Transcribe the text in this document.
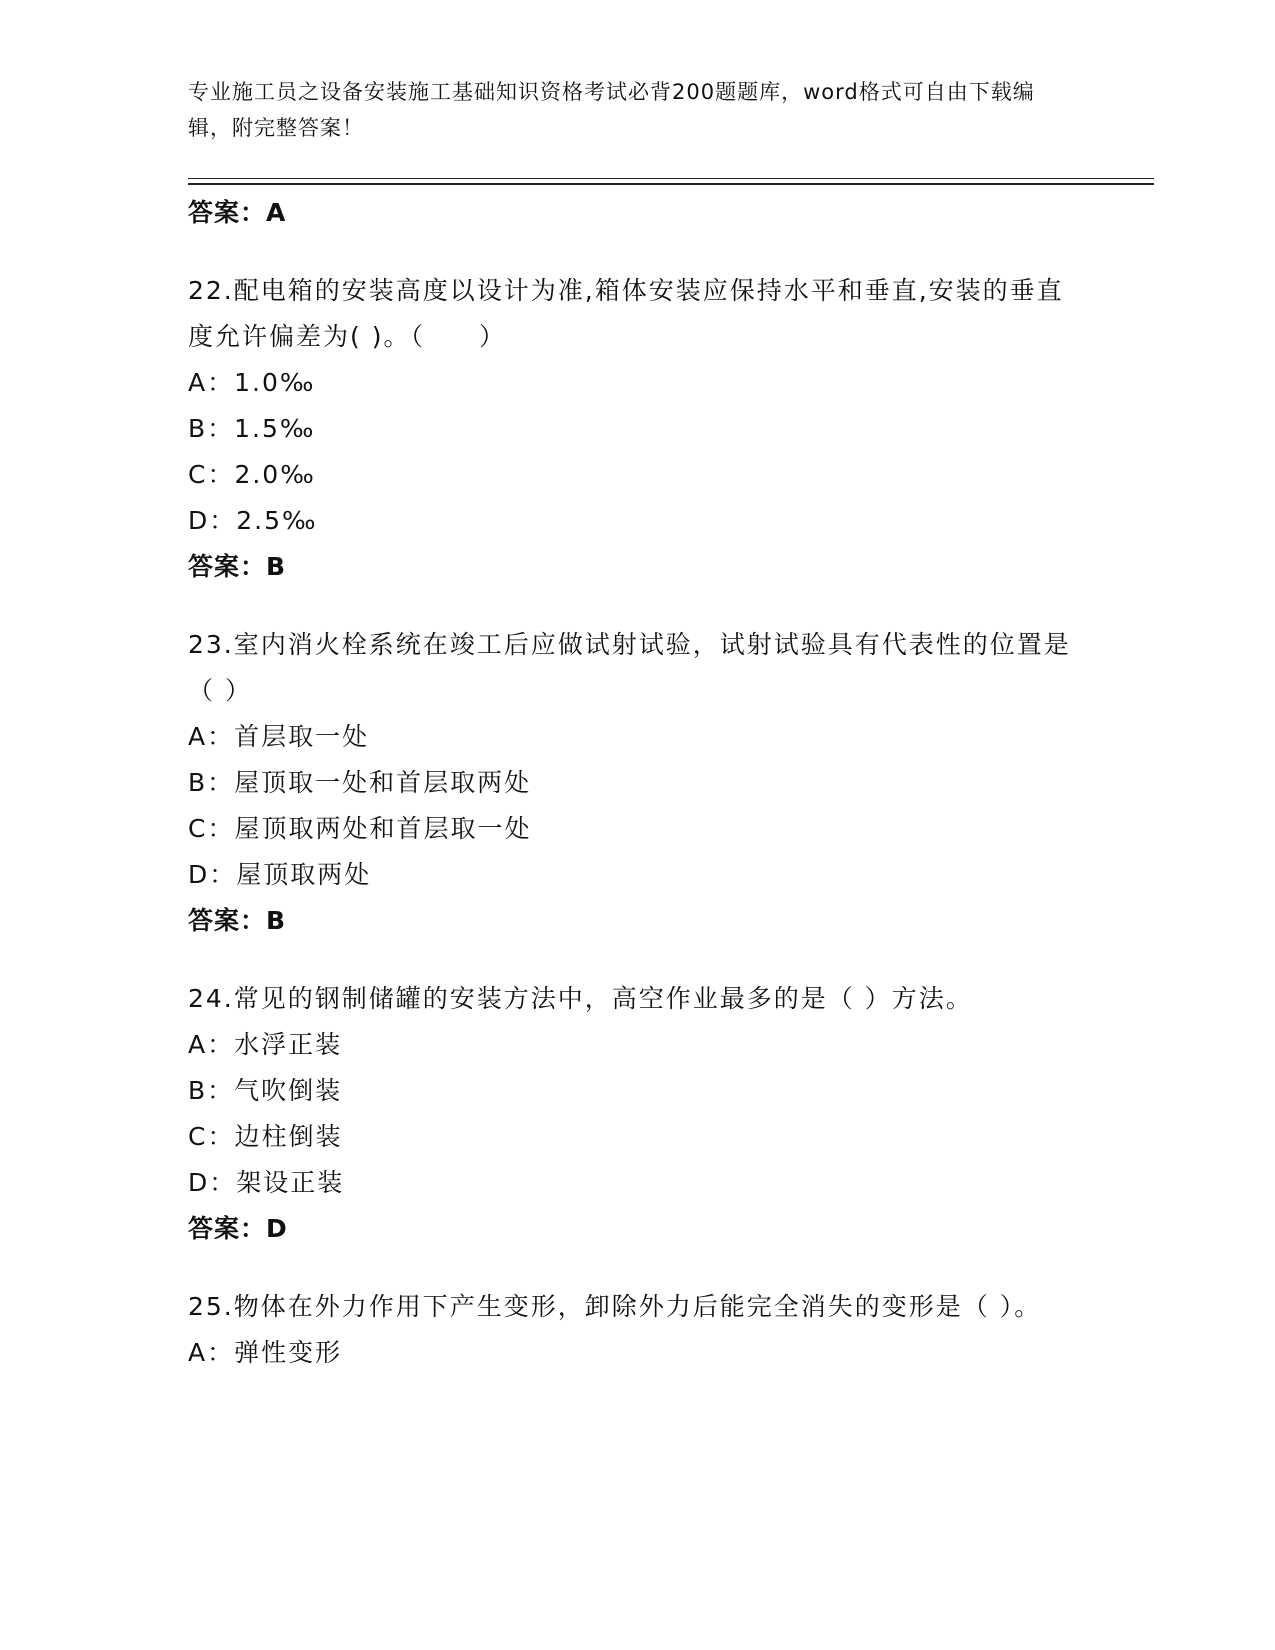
专业施工员之设备安装施工基础知识资格考试必背200题题库，word格式可自由下载编辑，附完整答案！
答案：A
22.配电箱的安装高度以设计为准,箱体安装应保持水平和垂直,安装的垂直度允许偏差为( )。（　　）
A：1.0‰
B：1.5‰
C：2.0‰
D：2.5‰
答案：B
23.室内消火栓系统在竣工后应做试射试验，试射试验具有代表性的位置是（ ）
A：首层取一处
B：屋顶取一处和首层取两处
C：屋顶取两处和首层取一处
D：屋顶取两处
答案：B
24.常见的钢制储罐的安装方法中，高空作业最多的是（ ）方法。
A：水浮正装
B：气吹倒装
C：边柱倒装
D：架设正装
答案：D
25.物体在外力作用下产生变形，卸除外力后能完全消失的变形是（ ）。
A：弹性变形
